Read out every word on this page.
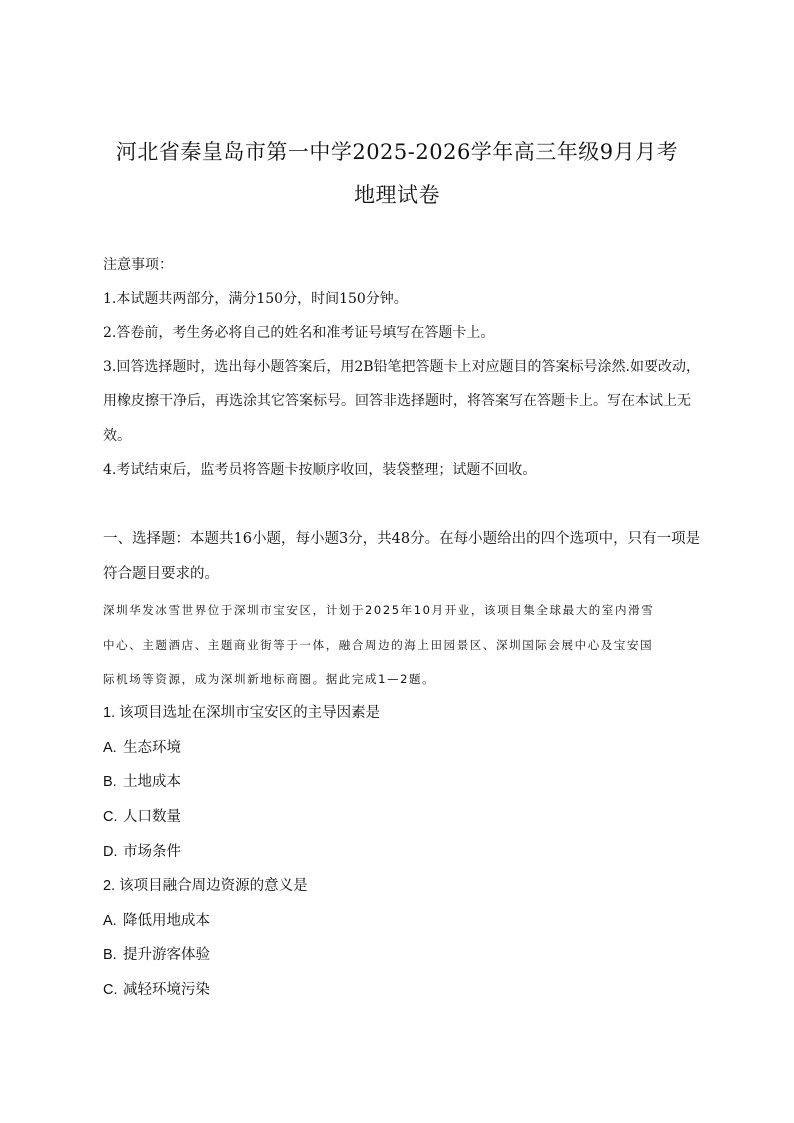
河北省秦皇岛市第一中学2025-2026学年高三年级9月月考
地理试卷
注意事项：
1.本试题共两部分，满分150分，时间150分钟。
2.答卷前，考生务必将自己的姓名和准考证号填写在答题卡上。
3.回答选择题时，选出每小题答案后，用2B铅笔把答题卡上对应题目的答案标号涂然.如要改动，
用橡皮擦干净后，再选涂其它答案标号。回答非选择题时，将答案写在答题卡上。写在本试上无
效。
4.考试结束后，监考员将答题卡按顺序收回，装袋整理；试题不回收。
一、选择题：本题共16小题，每小题3分，共48分。在每小题给出的四个选项中，只有一项是
符合题目要求的。
深圳华发冰雪世界位于深圳市宝安区，计划于2025年10月开业，该项目集全球最大的室内滑雪
中心、主题酒店、主题商业街等于一体，融合周边的海上田园景区、深圳国际会展中心及宝安国
际机场等资源，成为深圳新地标商圈。据此完成1—2题。
1. 该项目选址在深圳市宝安区的主导因素是
A. 生态环境
B. 土地成本
C. 人口数量
D. 市场条件
2. 该项目融合周边资源的意义是
A. 降低用地成本
B. 提升游客体验
C. 减轻环境污染
